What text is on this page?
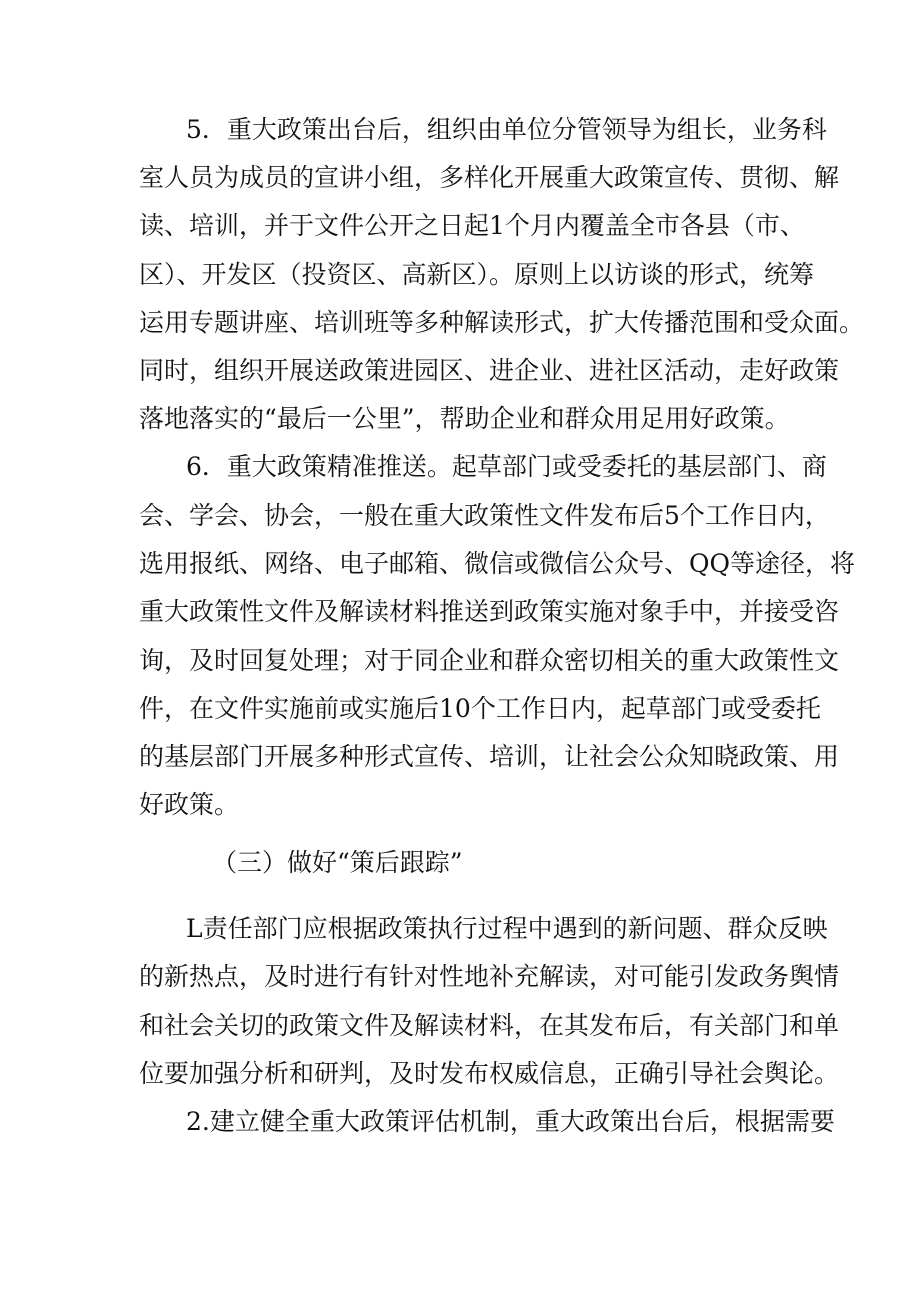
5．重大政策出台后，组织由单位分管领导为组长，业务科
室人员为成员的宣讲小组，多样化开展重大政策宣传、贯彻、解
读、培训，并于文件公开之日起1个月内覆盖全市各县（市、
区）、开发区（投资区、高新区）。原则上以访谈的形式，统筹
运用专题讲座、培训班等多种解读形式，扩大传播范围和受众面。
同时，组织开展送政策进园区、进企业、进社区活动，走好政策
落地落实的“最后一公里”，帮助企业和群众用足用好政策。
6．重大政策精准推送。起草部门或受委托的基层部门、商
会、学会、协会，一般在重大政策性文件发布后5个工作日内，
选用报纸、网络、电子邮箱、微信或微信公众号、QQ等途径，将
重大政策性文件及解读材料推送到政策实施对象手中，并接受咨
询，及时回复处理；对于同企业和群众密切相关的重大政策性文
件，在文件实施前或实施后10个工作日内，起草部门或受委托
的基层部门开展多种形式宣传、培训，让社会公众知晓政策、用
好政策。
（三）做好“策后跟踪”
L责任部门应根据政策执行过程中遇到的新问题、群众反映
的新热点，及时进行有针对性地补充解读，对可能引发政务舆情
和社会关切的政策文件及解读材料，在其发布后，有关部门和单
位要加强分析和研判，及时发布权威信息，正确引导社会舆论。
2.建立健全重大政策评估机制，重大政策出台后，根据需要
